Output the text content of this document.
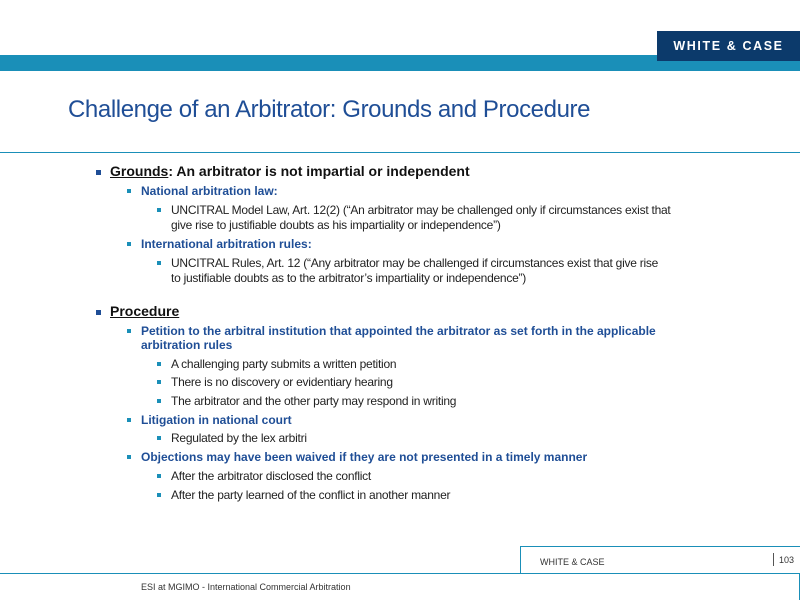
WHITE & CASE
Challenge of an Arbitrator: Grounds and Procedure
Grounds: An arbitrator is not impartial or independent
National arbitration law:
UNCITRAL Model Law, Art. 12(2) (“An arbitrator may be challenged only if circumstances exist that
give rise to justifiable doubts as his impartiality or independence”)
International arbitration rules:
UNCITRAL Rules, Art. 12 (“Any arbitrator may be challenged if circumstances exist that give rise
to justifiable doubts as to the arbitrator’s impartiality or independence”)
Procedure
Petition to the arbitral institution that appointed the arbitrator as set forth in the applicable
arbitration rules
A challenging party submits a written petition
There is no discovery or evidentiary hearing
The arbitrator and the other party may respond in writing
Litigation in national court
Regulated by the lex arbitri
Objections may have been waived if they are not presented in a timely manner
After the arbitrator disclosed the conflict
After the party learned of the conflict in another manner
WHITE & CASE	103
ESI at MGIMO - International Commercial Arbitration
